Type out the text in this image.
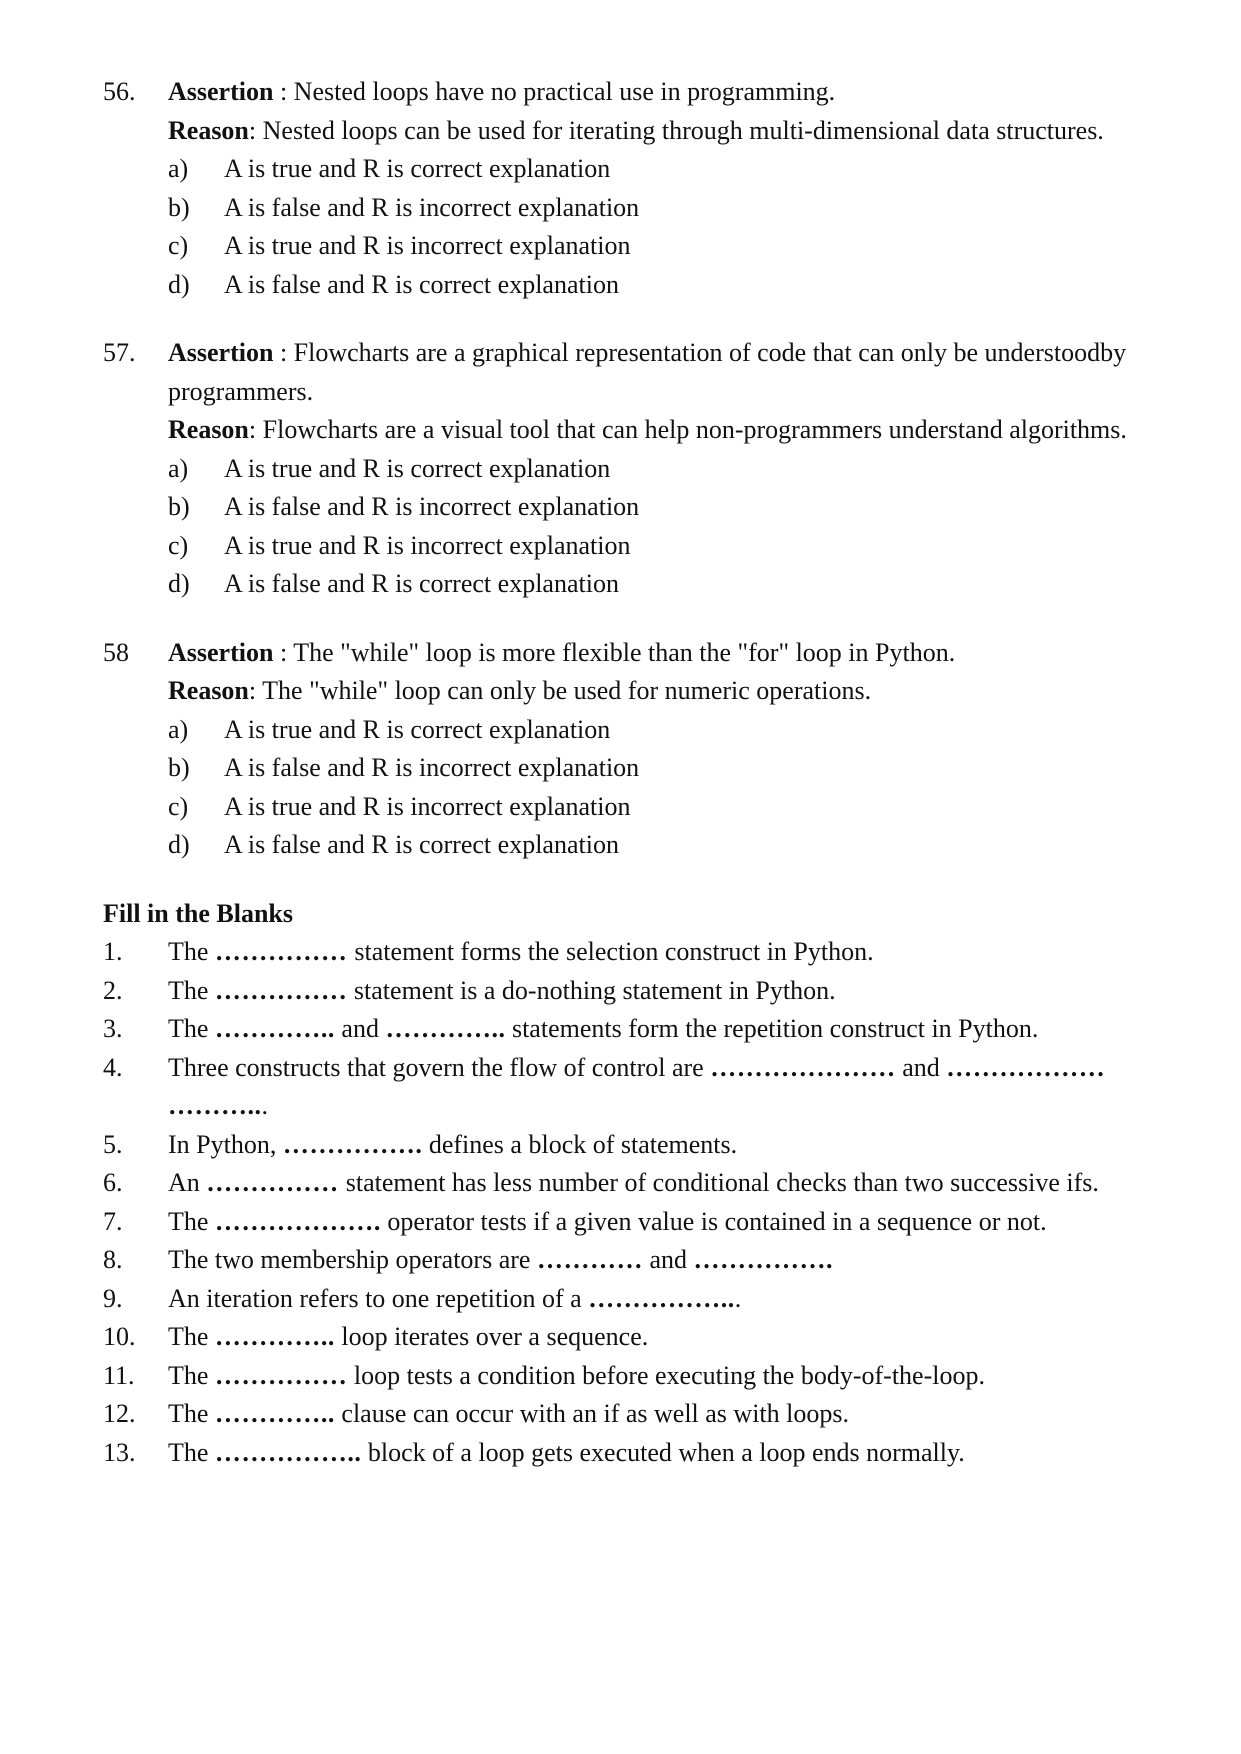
56. Assertion : Nested loops have no practical use in programming.
Reason: Nested loops can be used for iterating through multi-dimensional data structures.
a) A is true and R is correct explanation
b) A is false and R is incorrect explanation
c) A is true and R is incorrect explanation
d) A is false and R is correct explanation
57. Assertion : Flowcharts are a graphical representation of code that can only be understoodby programmers.
Reason: Flowcharts are a visual tool that can help non-programmers understand algorithms.
a) A is true and R is correct explanation
b) A is false and R is incorrect explanation
c) A is true and R is incorrect explanation
d) A is false and R is correct explanation
58 Assertion : The "while" loop is more flexible than the "for" loop in Python.
Reason: The "while" loop can only be used for numeric operations.
a) A is true and R is correct explanation
b) A is false and R is incorrect explanation
c) A is true and R is incorrect explanation
d) A is false and R is correct explanation
Fill in the Blanks
1. The …………… statement forms the selection construct in Python.
2. The …………… statement is a do-nothing statement in Python.
3. The ………….. and ………….. statements form the repetition construct in Python.
4. Three constructs that govern the flow of control are ………………… and ……………… ………...
5. In Python, ……………. defines a block of statements.
6. An …………… statement has less number of conditional checks than two successive ifs.
7. The ………………. operator tests if a given value is contained in a sequence or not.
8. The two membership operators are ………… and …………….
9. An iteration refers to one repetition of a ……………...
10. The ………….. loop iterates over a sequence.
11. The …………… loop tests a condition before executing the body-of-the-loop.
12. The ………….. clause can occur with an if as well as with loops.
13. The …………….. block of a loop gets executed when a loop ends normally.
